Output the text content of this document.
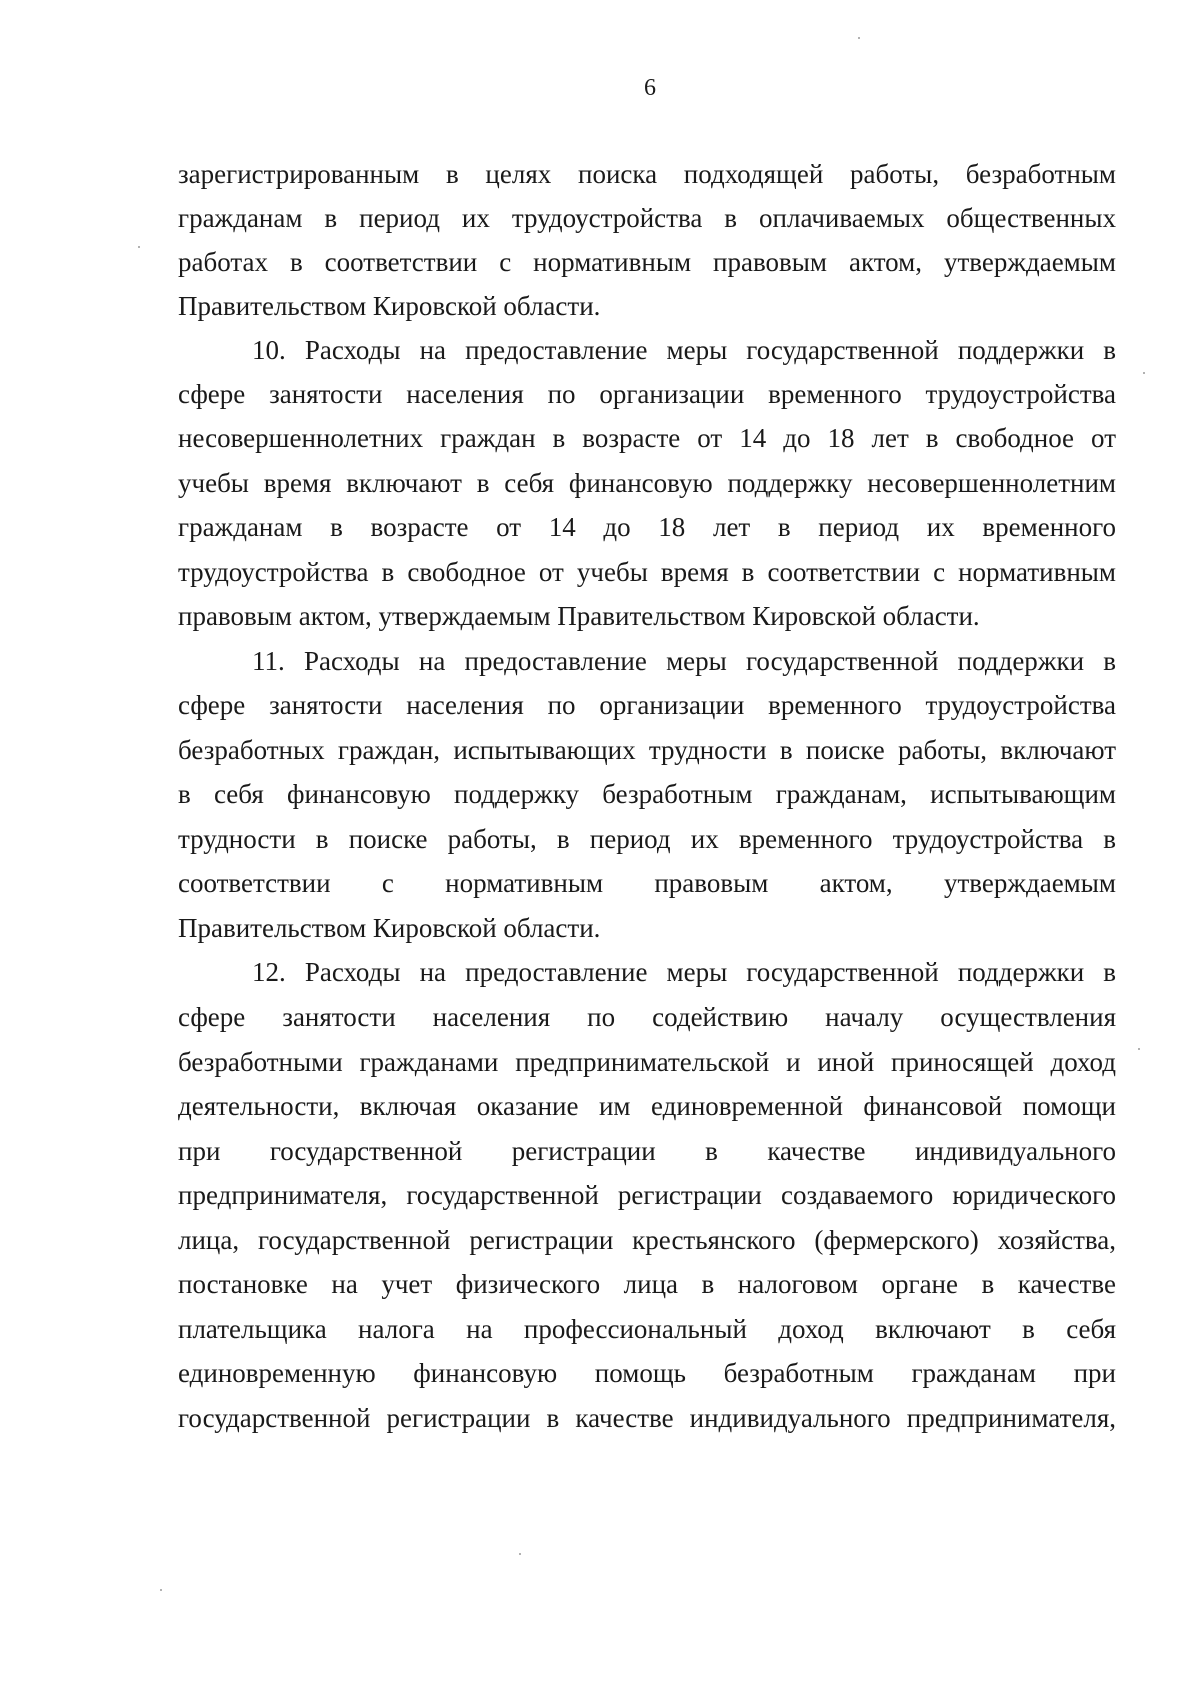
6
зарегистрированным в целях поиска подходящей работы, безработным
гражданам в период их трудоустройства в оплачиваемых общественных
работах в соответствии с нормативным правовым актом, утверждаемым
Правительством Кировской области.
10. Расходы на предоставление меры государственной поддержки в
сфере занятости населения по организации временного трудоустройства
несовершеннолетних граждан в возрасте от 14 до 18 лет в свободное от
учебы время включают в себя финансовую поддержку несовершеннолетним
гражданам в возрасте от 14 до 18 лет в период их временного
трудоустройства в свободное от учебы время в соответствии с нормативным
правовым актом, утверждаемым Правительством Кировской области.
11. Расходы на предоставление меры государственной поддержки в
сфере занятости населения по организации временного трудоустройства
безработных граждан, испытывающих трудности в поиске работы, включают
в себя финансовую поддержку безработным гражданам, испытывающим
трудности в поиске работы, в период их временного трудоустройства в
соответствии с нормативным правовым актом, утверждаемым
Правительством Кировской области.
12. Расходы на предоставление меры государственной поддержки в
сфере занятости населения по содействию началу осуществления
безработными гражданами предпринимательской и иной приносящей доход
деятельности, включая оказание им единовременной финансовой помощи
при государственной регистрации в качестве индивидуального
предпринимателя, государственной регистрации создаваемого юридического
лица, государственной регистрации крестьянского (фермерского) хозяйства,
постановке на учет физического лица в налоговом органе в качестве
плательщика налога на профессиональный доход включают в себя
единовременную финансовую помощь безработным гражданам при
государственной регистрации в качестве индивидуального предпринимателя,
